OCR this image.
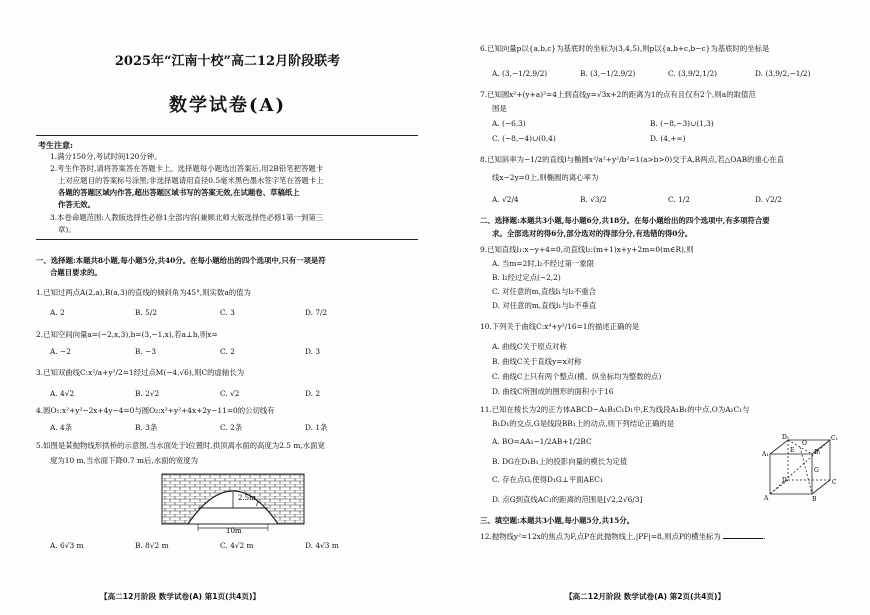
2025年“江南十校”高二12月阶段联考
数学试卷(A)
考生注意:
1.满分150分,考试时间120分钟。
2.考生作答时,请将答案答在答题卡上。选择题每小题选出答案后,用2B铅笔把答题卡
上对应题目的答案标号涂黑;非选择题请用直径0.5毫米黑色墨水签字笔在答题卡上
各题的答题区域内作答,超出答题区域书写的答案无效,在试题卷、草稿纸上
作答无效。
3.本卷命题范围:人教版选择性必修1全部内容(兼顾北师大版选择性必修1第一到第三
章)。
一、选择题:本题共8小题,每小题5分,共40分。在每小题给出的四个选项中,只有一项是符
合题目要求的。
1.已知过两点A(2,a),B(a,3)的直线的倾斜角为45°,则实数a的值为
A. 2	B. 5/2	C. 3	D. 7/2
2.已知空间向量a=(−2,x,3),b=(3,−1,x),若a⊥b,则x=
A. −2	B. −3	C. 2	D. 3
3.已知双曲线C:x²/a+y²/2=1经过点M(−4,√6),则C的虚轴长为
A. 4√2	B. 2√2	C. √2	D. 2
4.圆O₁:x²+y²−2x+4y−4=0与圆O₂:x²+y²+4x+2y−11=0的公切线有
A. 4条	B. 3条	C. 2条	D. 1条
5.如图是某抛物线形拱桥的示意图,当水面处于l位置时,拱顶离水面的高度为2.5 m,水面宽
度为10 m,当水面下降0.7 m后,水面的宽度为
2.5m
l
10m
A. 6√3 m	B. 8√2 m	C. 4√2 m	D. 4√3 m
【高二12月阶段 数学试卷(A) 第1页(共4页)】
6.已知向量p以{a,b,c}为基底时的坐标为(3,4,5),则p以{a,b+c,b−c}为基底时的坐标是
A. (3,−1/2,9/2)	B. (3,−1/2,9/2)	C. (3,9/2,1/2)	D. (3,9/2,−1/2)
7.已知圆x²+(y+a)²=4上到直线y=√3x+2的距离为1的点有且仅有2个,则a的取值范
围是
A. (−6,3)	B. (−8,−3)∪(1,3)
C. (−8,−4)∪(0,4)	D. (4,+∞)
8.已知斜率为−1/2的直线l与椭圆x²/a²+y²/b²=1(a>b>0)交于A,B两点,若△OAB的重心在直
线x−2y=0上,则椭圆的离心率为
A. √2/4	B. √3/2	C. 1/2	D. √2/2
二、选择题:本题共3小题,每小题6分,共18分。在每小题给出的四个选项中,有多项符合要
求。全部选对的得6分,部分选对的得部分分,有选错的得0分。
9.已知直线l₁:x−y+4=0,动直线l₂:(m+1)x+y+2m=0(m∈R),则
A. 当m=2时,l₂不经过第一象限
B. l₂经过定点(−2,2)
C. 对任意的m,直线l₁与l₂不重合
D. 对任意的m,直线l₁与l₂不垂直
10.下列关于曲线C:x⁴+y²/16=1的描述正确的是
A. 曲线C关于原点对称
B. 曲线C关于直线y=x对称
C. 曲线C上只有两个整点(横、纵坐标均为整数的点)
D. 曲线C所围成的图形的面积小于16
11.已知在棱长为2的正方体ABCD−A₁B₁C₁D₁中,E为线段A₁B₁的中点,O为A₁C₁与
B₁D₁的交点,G是线段BB₁上的动点,则下列结论正确的是
A. BO=AA₁−1/2AB+1/2BC
B. DG在D₁B₁上的投影向量的模长为定值
C. 存在点G,使得D₁G⊥平面AEC₁
D. 点G到直线AC₁的距离的范围是[√2,2√6/3]
A₁	B₁
C₁
D₁
A	B
C
D
E
O
G
三、填空题:本题共3小题,每小题5分,共15分。
12.抛物线y²=12x的焦点为F,点P在此抛物线上,|PF|=8,则点P的横坐标为	.
【高二12月阶段 数学试卷(A) 第2页(共4页)】
